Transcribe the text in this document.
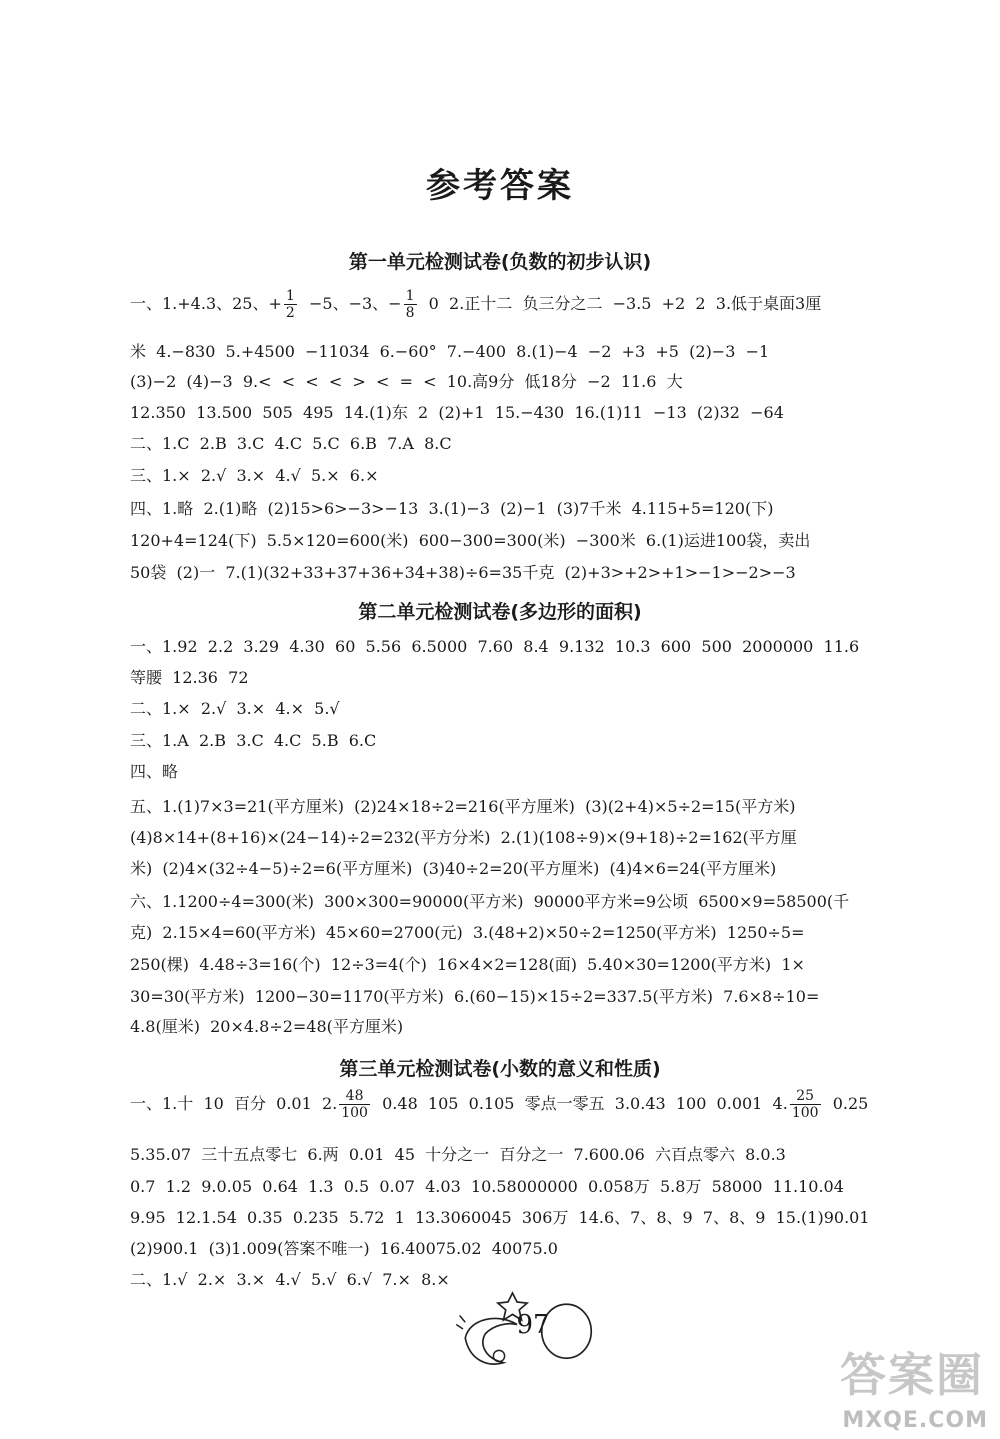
参考答案
第一单元检测试卷(负数的初步认识)
一、1.+4.3、25、+ $\frac{1}{2} -5$、−3、− $\frac{1}{8} 0$  2.正十二  负三分之二  −3.5  +2  2  3.低于桌面3厘
米  4.−830  5.+4500  −11034  6.−60°  7.−400  8.(1)−4  −2  +3  +5  (2)−3  −1
(3)−2  (4)−3  9.<  <  <  <  >  <  =  <  10.高9分  低18分  −2  11.6  大
12.350  13.500  505  495  14.(1)东  2  (2)+1  15.−430  16.(1)11  −13  (2)32  −64
二、1.C  2.B  3.C  4.C  5.C  6.B  7.A  8.C
三、1.×  2.√  3.×  4.√  5.×  6.×
四、1.略  2.(1)略  (2)15>6>−3>−13  3.(1)−3  (2)−1  (3)7千米  4.115+5=120(下)
120+4=124(下)  5.5×120=600(米)  600−300=300(米)  −300米  6.(1)运进100袋，卖出
50袋  (2)一  7.(1)(32+33+37+36+34+38)÷6=35千克  (2)+3>+2>+1>−1>−2>−3
第二单元检测试卷(多边形的面积)
一、1.92  2.2  3.29  4.30  60  5.56  6.5000  7.60  8.4  9.132  10.3  600  500  2000000  11.6
等腰  12.36  72
二、1.×  2.√  3.×  4.×  5.√
三、1.A  2.B  3.C  4.C  5.B  6.C
四、略
五、1.(1)7×3=21(平方厘米)  (2)24×18÷2=216(平方厘米)  (3)(2+4)×5÷2=15(平方米)
(4)8×14+(8+16)×(24−14)÷2=232(平方分米)  2.(1)(108÷9)×(9+18)÷2=162(平方厘
米)  (2)4×(32÷4−5)÷2=6(平方厘米)  (3)40÷2=20(平方厘米)  (4)4×6=24(平方厘米)
六、1.1200÷4=300(米)  300×300=90000(平方米)  90000平方米=9公顷  6500×9=58500(千
克)  2.15×4=60(平方米)  45×60=2700(元)  3.(48+2)×50÷2=1250(平方米)  1250÷5=
250(棵)  4.48÷3=16(个)  12÷3=4(个)  16×4×2=128(面)  5.40×30=1200(平方米)  1×
30=30(平方米)  1200−30=1170(平方米)  6.(60−15)×15÷2=337.5(平方米)  7.6×8÷10=
4.8(厘米)  20×4.8÷2=48(平方厘米)
第三单元检测试卷(小数的意义和性质)
一、1.十  10  百分  0.01  2. $\frac{48}{100} 0.48$  105  0.105  零点一零五  3.0.43  100  0.001  4. $\frac{25}{100} 0.25$
5.35.07  三十五点零七  6.两  0.01  45  十分之一  百分之一  7.600.06  六百点零六  8.0.3
0.7  1.2  9.0.05  0.64  1.3  0.5  0.07  4.03  10.58000000  0.058万  5.8万  58000  11.10.04
9.95  12.1.54  0.35  0.235  5.72  1  13.3060045  306万  14.6、7、8、9  7、8、9  15.(1)90.01
(2)900.1  (3)1.009(答案不唯一)  16.40075.02  40075.0
二、1.√  2.×  3.×  4.√  5.√  6.√  7.×  8.×
97
答案圈
MXQE.COM
